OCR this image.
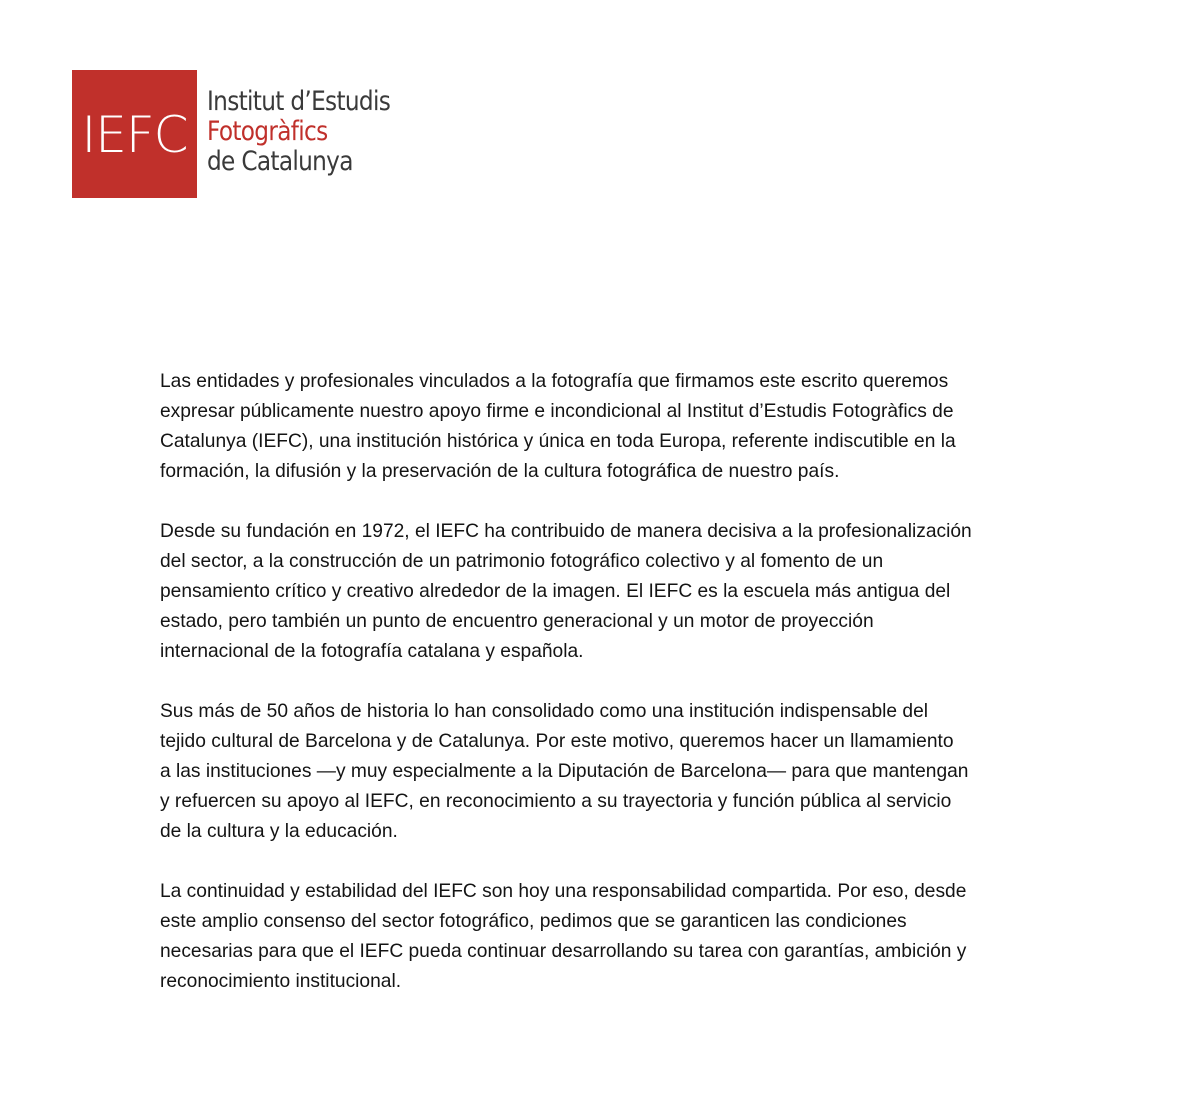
IEFC
Institut d’Estudis
Fotogràfics
de Catalunya

Las entidades y profesionales vinculados a la fotografía que firmamos este escrito queremos
expresar públicamente nuestro apoyo firme e incondicional al Institut d’Estudis Fotogràfics de
Catalunya (IEFC), una institución histórica y única en toda Europa, referente indiscutible en la
formación, la difusión y la preservación de la cultura fotográfica de nuestro país.

Desde su fundación en 1972, el IEFC ha contribuido de manera decisiva a la profesionalización
del sector, a la construcción de un patrimonio fotográfico colectivo y al fomento de un
pensamiento crítico y creativo alrededor de la imagen. El IEFC es la escuela más antigua del
estado, pero también un punto de encuentro generacional y un motor de proyección
internacional de la fotografía catalana y española.

Sus más de 50 años de historia lo han consolidado como una institución indispensable del
tejido cultural de Barcelona y de Catalunya. Por este motivo, queremos hacer un llamamiento
a las instituciones —y muy especialmente a la Diputación de Barcelona— para que mantengan
y refuercen su apoyo al IEFC, en reconocimiento a su trayectoria y función pública al servicio
de la cultura y la educación.

La continuidad y estabilidad del IEFC son hoy una responsabilidad compartida. Por eso, desde
este amplio consenso del sector fotográfico, pedimos que se garanticen las condiciones
necesarias para que el IEFC pueda continuar desarrollando su tarea con garantías, ambición y
reconocimiento institucional.
